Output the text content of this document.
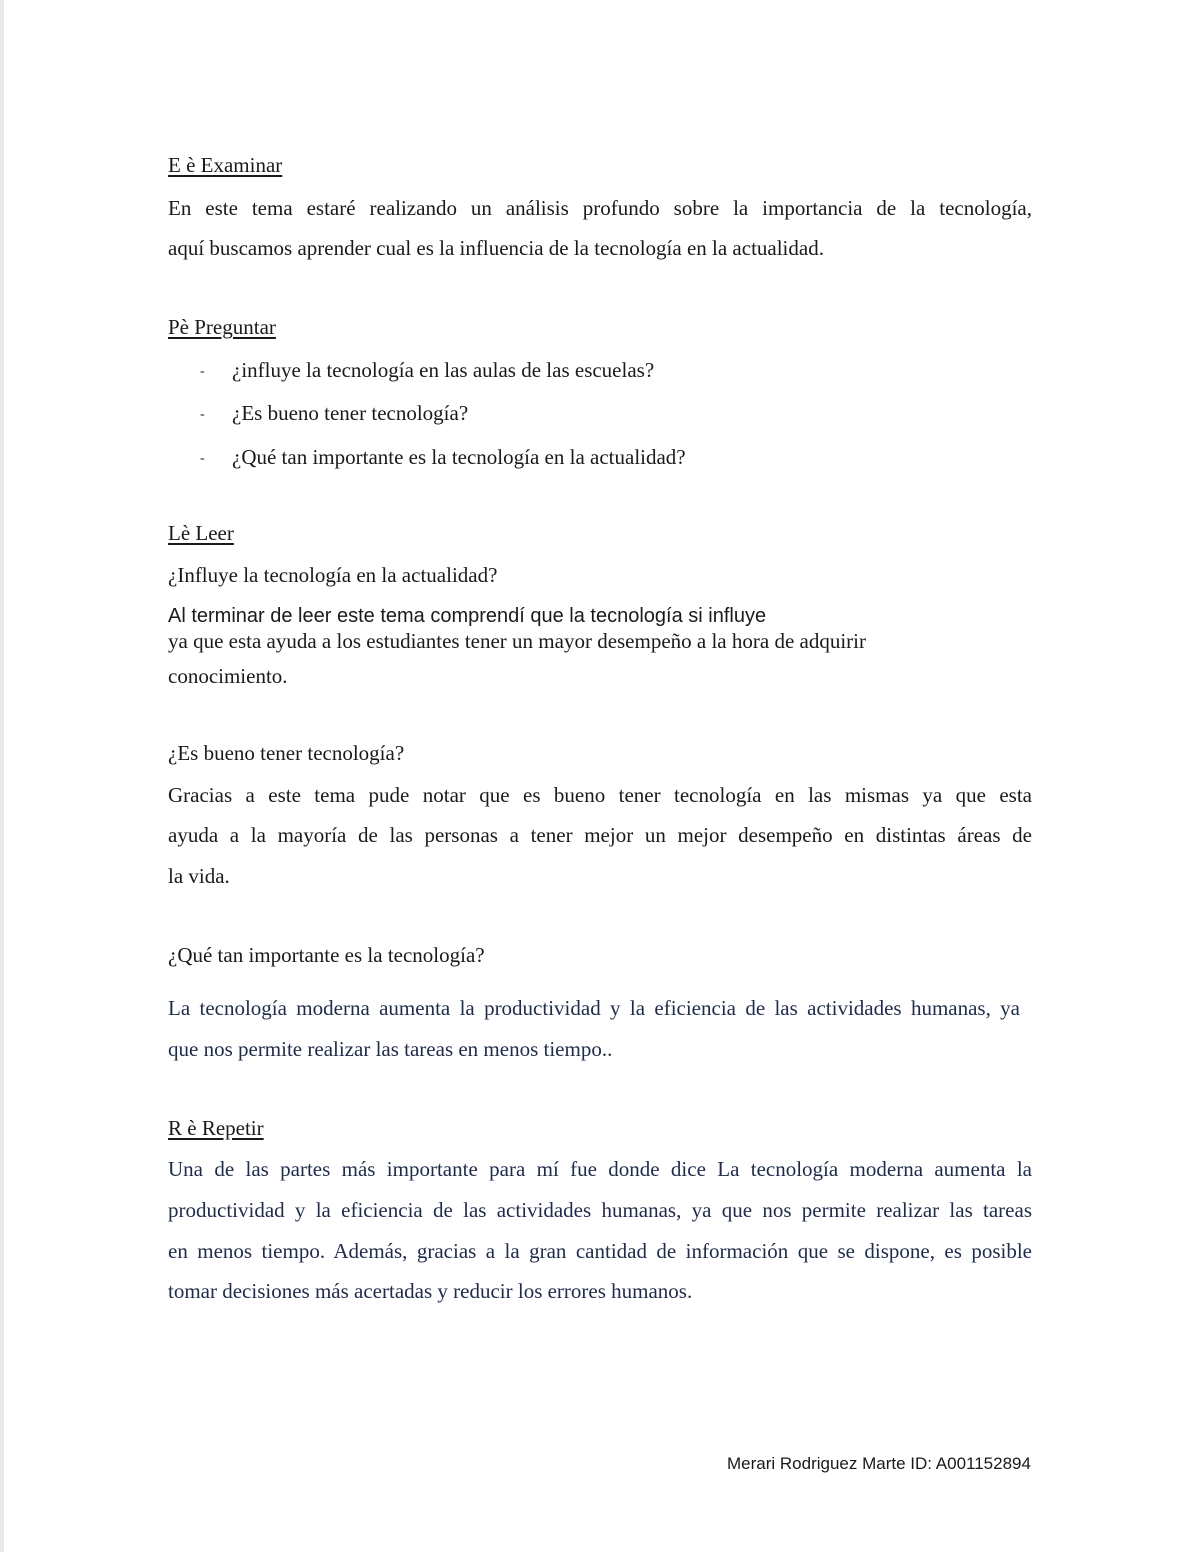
E è Examinar
En este tema estaré realizando un análisis profundo sobre la importancia de la tecnología,
aquí buscamos aprender cual es la influencia de la tecnología en la actualidad.
Pè Preguntar
- ¿influye la tecnología en las aulas de las escuelas?
- ¿Es bueno tener tecnología?
- ¿Qué tan importante es la tecnología en la actualidad?
Lè Leer
¿Influye la tecnología en la actualidad?
Al terminar de leer este tema comprendí que la tecnología si influye
ya que esta ayuda a los estudiantes tener un mayor desempeño a la hora de adquirir
conocimiento.
¿Es bueno tener tecnología?
Gracias a este tema pude notar que es bueno tener tecnología en las mismas ya que esta
ayuda a la mayoría de las personas a tener mejor un mejor desempeño en distintas áreas de
la vida.
¿Qué tan importante es la tecnología?
La tecnología moderna aumenta la productividad y la eficiencia de las actividades humanas, ya
que nos permite realizar las tareas en menos tiempo..
R è Repetir
Una de las partes más importante para mí fue donde dice La tecnología moderna aumenta la
productividad y la eficiencia de las actividades humanas, ya que nos permite realizar las tareas
en menos tiempo. Además, gracias a la gran cantidad de información que se dispone, es posible
tomar decisiones más acertadas y reducir los errores humanos.
Merari Rodriguez Marte ID: A001152894
